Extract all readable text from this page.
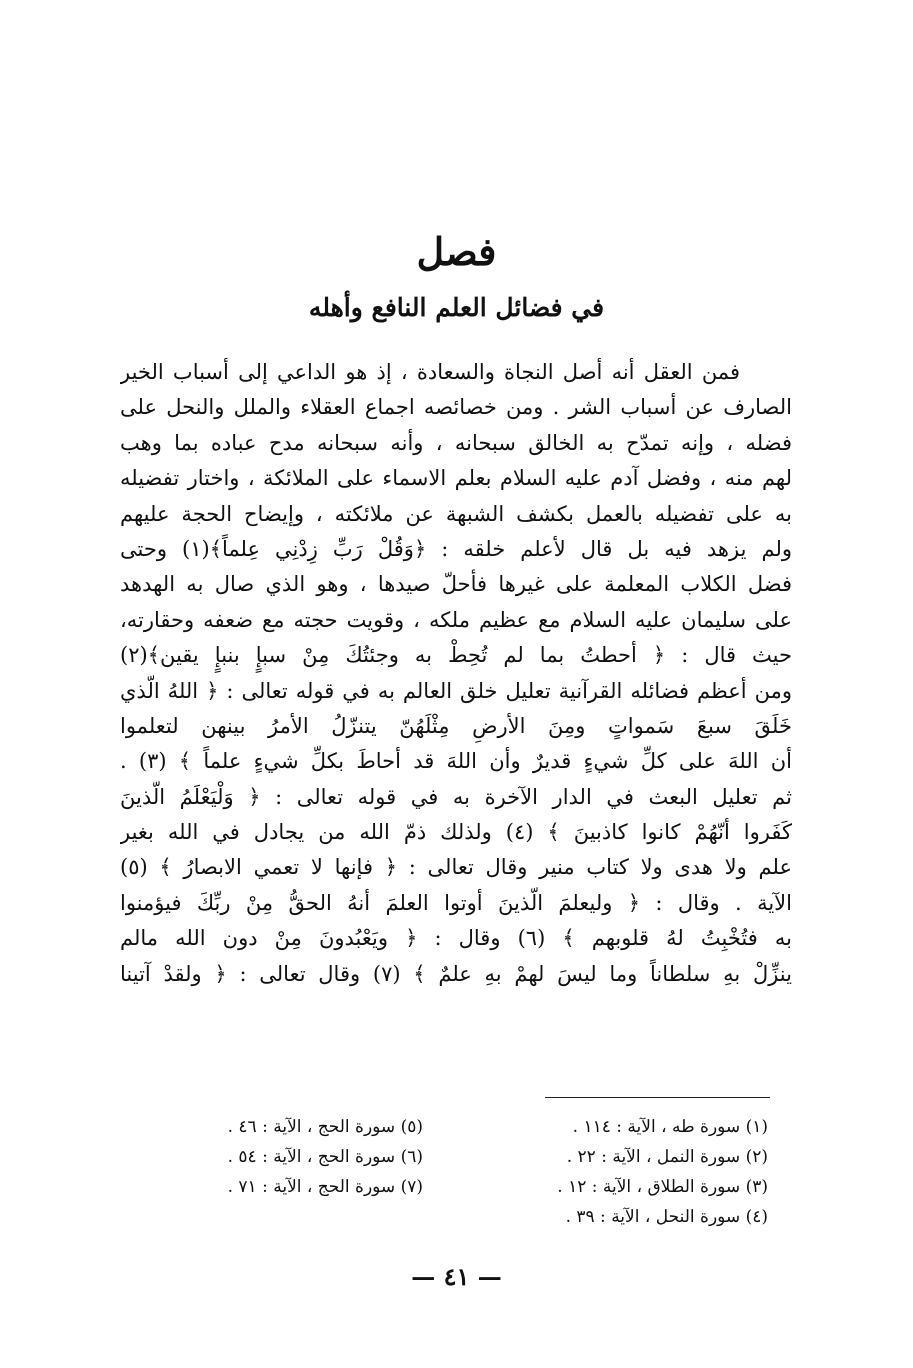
فصل
في فضائل العلم النافع وأهله
فمن العقل أنه أصل النجاة والسعادة ، إذ هو الداعي إلى أسباب الخير
الصارف عن أسباب الشر . ومن خصائصه اجماع العقلاء والملل والنحل على
فضله ، وإنه تمدّح به الخالق سبحانه ، وأنه سبحانه مدح عباده بما وهب
لهم منه ، وفضل آدم عليه السلام بعلم الاسماء على الملائكة ، واختار تفضيله
به على تفضيله بالعمل بكشف الشبهة عن ملائكته ، وإيضاح الحجة عليهم
ولم يزهد فيه بل قال لأعلم خلقه : ﴿وَقُلْ رَبِّ زِدْنِي عِلماً﴾(١) وحتى
فضل الكلاب المعلمة على غيرها فأحلّ صيدها ، وهو الذي صال به الهدهد
على سليمان عليه السلام مع عظيم ملكه ، وقويت حجته مع ضعفه وحقارته،
حيث قال : ﴿ أحطتُ بما لم تُحِطْ به وجئتُكَ مِنْ سبإٍ بنبإٍ يقين﴾(٢)
ومن أعظم فضائله القرآنية تعليل خلق العالم به في قوله تعالى : ﴿ اللهُ الّذي
خَلَقَ سبعَ سَمواتٍ ومِنَ الأرضِ مِثْلَهُنّ يتنزّلُ الأمرُ بينهن لتعلموا
أن اللهَ على كلِّ شيءٍ قديرٌ وأن اللهَ قد أحاطَ بكلِّ شيءٍ علماً ﴾ (٣) .
ثم تعليل البعث في الدار الآخرة به في قوله تعالى : ﴿ وَلْيَعْلَمُ الّذينَ
كَفَروا أنّهُمْ كانوا كاذبينَ ﴾ (٤) ولذلك ذمّ الله من يجادل في الله بغير
علم ولا هدى ولا كتاب منير وقال تعالى : ﴿ فإنها لا تعمي الابصارُ ﴾ (٥)
الآية . وقال : ﴿ وليعلمَ الّذينَ أوتوا العلمَ أنهُ الحقُّ مِنْ ربِّكَ فيؤمنوا
به فتُخْبِتُ لهُ قلوبهم ﴾ (٦) وقال : ﴿ ويَعْبُدونَ مِنْ دون الله مالم
ينزِّلْ بهِ سلطاناً وما ليسَ لهمْ بهِ علمٌ ﴾ (٧) وقال تعالى : ﴿ ولقدْ آتينا
(١) سورة طه ، الآية : ١١٤ .
(٢) سورة النمل ، الآية : ٢٢ .
(٣) سورة الطلاق ، الآية : ١٢ .
(٤) سورة النحل ، الآية : ٣٩ .
(٥) سورة الحج ، الآية : ٤٦ .
(٦) سورة الحج ، الآية : ٥٤ .
(٧) سورة الحج ، الآية : ٧١ .
— ٤١ —
